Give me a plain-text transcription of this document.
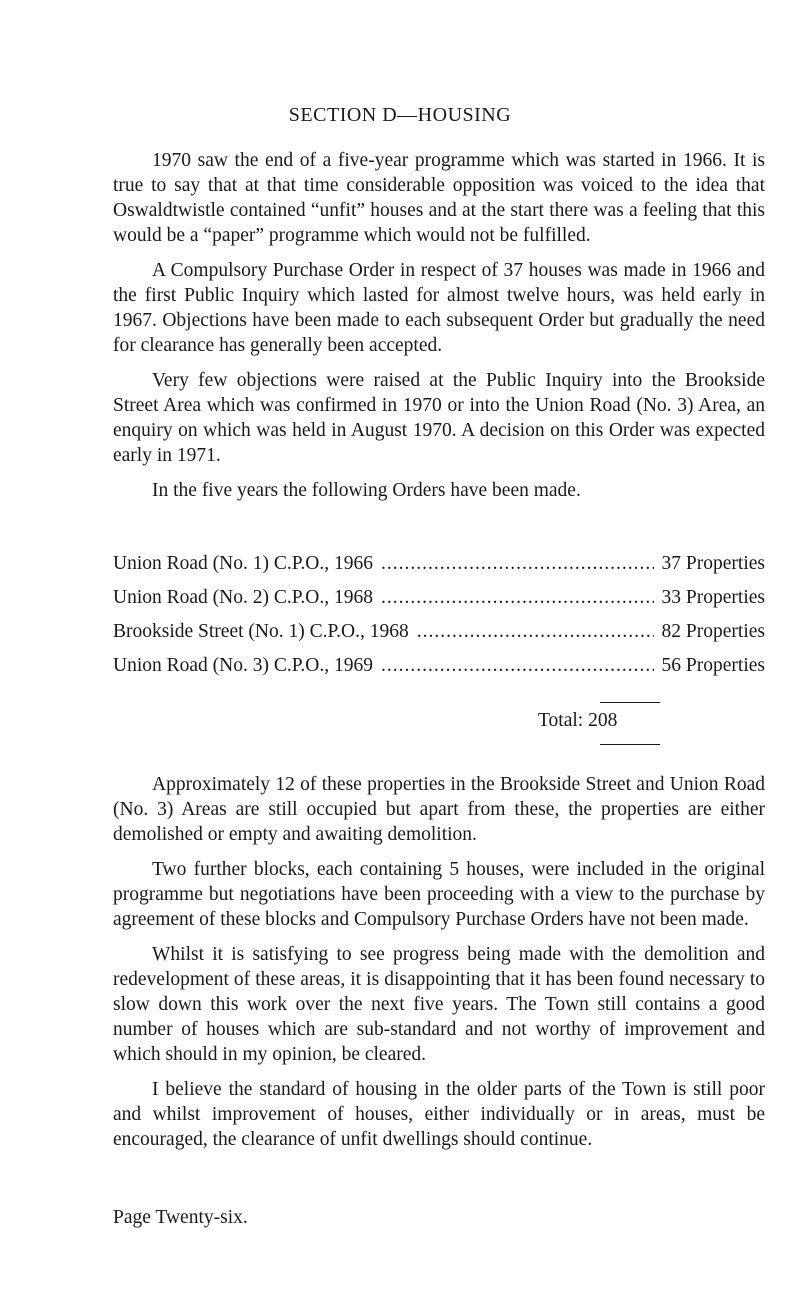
SECTION D—HOUSING

1970 saw the end of a five-year programme which was started in 1966. It is true to say that at that time considerable opposition was voiced to the idea that Oswaldtwistle contained “unfit” houses and at the start there was a feeling that this would be a “paper” programme which would not be fulfilled.

A Compulsory Purchase Order in respect of 37 houses was made in 1966 and the first Public Inquiry which lasted for almost twelve hours, was held early in 1967. Objections have been made to each subsequent Order but gradually the need for clearance has generally been accepted.

Very few objections were raised at the Public Inquiry into the Brookside Street Area which was confirmed in 1970 or into the Union Road (No. 3) Area, an enquiry on which was held in August 1970. A decision on this Order was expected early in 1971.

In the five years the following Orders have been made.

Union Road (No. 1) C.P.O., 1966 .....	37 Properties
Union Road (No. 2) C.P.O., 1968 .....	33 Properties
Brookside Street (No. 1) C.P.O., 1968 .....	82 Properties
Union Road (No. 3) C.P.O., 1969 .....	56 Properties
Total: 208

Approximately 12 of these properties in the Brookside Street and Union Road (No. 3) Areas are still occupied but apart from these, the properties are either demolished or empty and awaiting demolition.

Two further blocks, each containing 5 houses, were included in the original programme but negotiations have been proceeding with a view to the purchase by agreement of these blocks and Compulsory Purchase Orders have not been made.

Whilst it is satisfying to see progress being made with the demolition and redevelopment of these areas, it is disappointing that it has been found necessary to slow down this work over the next five years. The Town still contains a good number of houses which are sub-standard and not worthy of improvement and which should in my opinion, be cleared.

I believe the standard of housing in the older parts of the Town is still poor and whilst improvement of houses, either individually or in areas, must be encouraged, the clearance of unfit dwellings should continue.

Page Twenty-six.
